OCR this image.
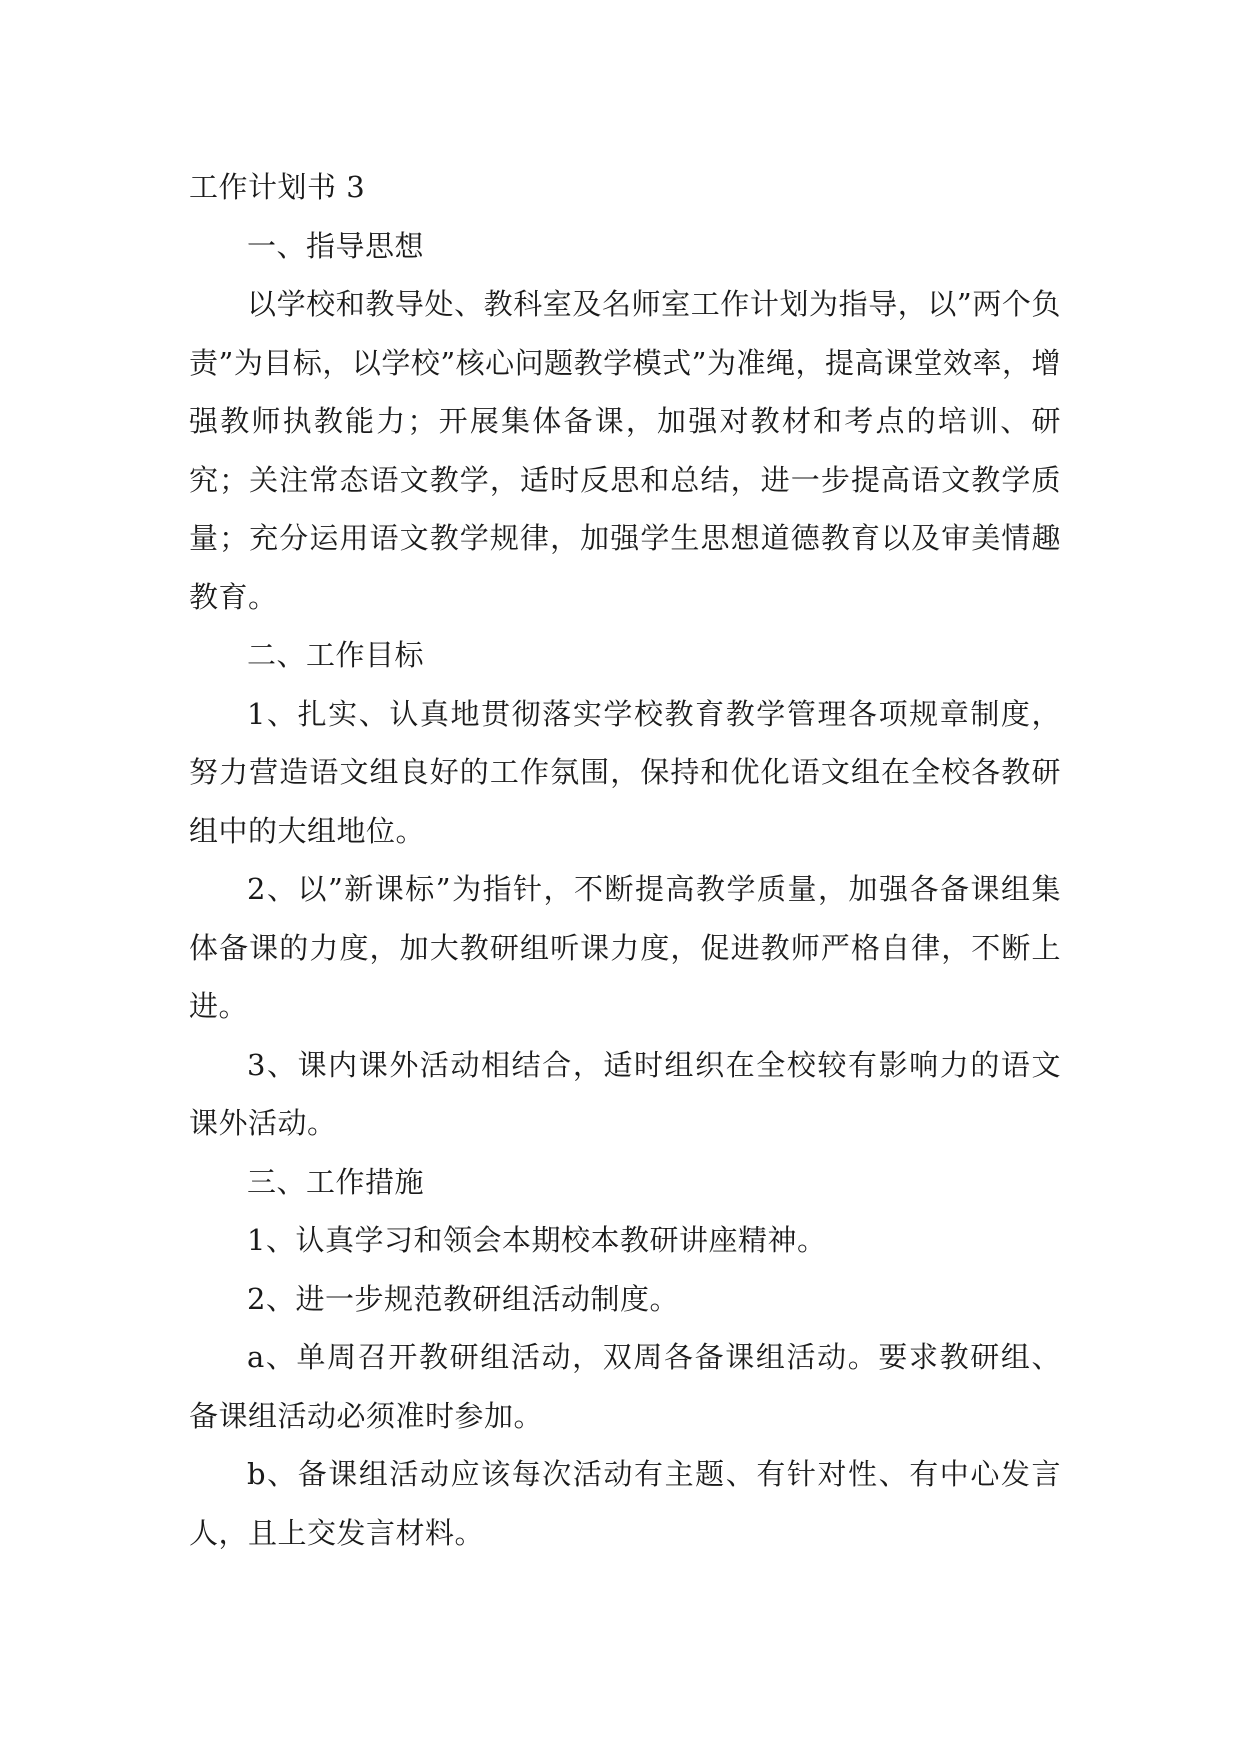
工作计划书 3

一、指导思想

以学校和教导处、教科室及名师室工作计划为指导，以”两个负责”为目标，以学校”核心问题教学模式”为准绳，提高课堂效率，增强教师执教能力；开展集体备课，加强对教材和考点的培训、研究；关注常态语文教学，适时反思和总结，进一步提高语文教学质量；充分运用语文教学规律，加强学生思想道德教育以及审美情趣教育。

二、工作目标

1、扎实、认真地贯彻落实学校教育教学管理各项规章制度，努力营造语文组良好的工作氛围，保持和优化语文组在全校各教研组中的大组地位。

2、以”新课标”为指针，不断提高教学质量，加强各备课组集体备课的力度，加大教研组听课力度，促进教师严格自律，不断上进。

3、课内课外活动相结合，适时组织在全校较有影响力的语文课外活动。

三、工作措施

1、认真学习和领会本期校本教研讲座精神。

2、进一步规范教研组活动制度。

a、单周召开教研组活动，双周各备课组活动。要求教研组、备课组活动必须准时参加。

b、备课组活动应该每次活动有主题、有针对性、有中心发言人，且上交发言材料。
